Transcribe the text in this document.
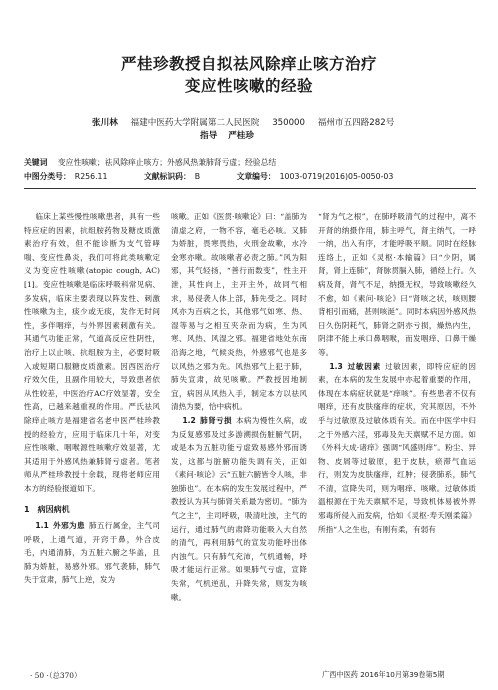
严桂珍教授自拟祛风除痒止咳方治疗
变应性咳嗽的经验
张川林 福建中医药大学附属第二人民医院 350000 福州市五四路282号
指导 严桂珍
关键词 变应性咳嗽；祛风除痒止咳方；外感风热兼肺肾亏虚；经验总结
中图分类号： R256.11	文献标识码： B	文章编号： 1003-0719(2016)05-0050-03

临床上某些慢性咳嗽患者，具有一些特应症的因素，抗组胺药物及糖皮质激素治疗有效，但不能诊断为支气管哮喘、变应性鼻炎，我们可将此类咳嗽定义为变应性咳嗽(atopic cough, AC)[1]。变应性咳嗽是临床呼吸科常见病、多发病，临床主要表现以阵发性、刺激性咳嗽为主，痰少或无痰，发作无时间性，多伴咽痒，与外界因素刺激有关。其通气功能正常，气道高反应性阴性，治疗上以止咳、抗组胺为主，必要时吸入或短期口服糖皮质激素。因西医治疗疗效欠佳，且副作用较大，导致患者依从性较差，中医治疗AC疗效显著，安全性高，已越来越重视的作用。严氏祛风除痒止咳方是福建省名老中医严桂珍教授的经验方，应用于临床几十年，对变应性咳嗽、咽喉源性咳嗽疗效显著，尤其适用于外感风热兼肺肾亏虚者。笔者师从严桂珍教授十余载，现将老师应用本方的经验报道如下。

1　病因病机

1.1 外邪为患 肺五行属金，主气司呼吸，上通气道，开窍于鼻，外合皮毛，内通清肺，为五脏六腑之华盖，且肺为娇脏，易感外邪。邪气袭肺，肺气失于宣肃，肺气上逆，发为

咳嗽。正如《医贯·咳嗽论》曰：“盖肺为清虚之府，一物不容，毫毛必咳。又肺为娇脏，畏寒畏热，火刑金故嗽，水冷金寒亦嗽。故咳嗽者必责之肺。”风为阳邪，其气轻扬，“善行而数变”，性主开泄，其性向上，主开主外，故同气相求，易侵袭人体上部，肺先受之。同时风亦为百病之长，其他邪气如寒、热、湿等易与之相互夹杂而为病，生为风寒、风热、风湿之邪。福建省地处东南沿海之地，气候炎热，外感邪气也是多以风热之邪为先。风热邪气上犯于肺，肺失宣肃，故见咳嗽。严教授因地制宜，病因从风热入手，制定本方以祛风清热为要，恰中病机。

1.2 肺肾亏损 本病为慢性久病，或为反复感邪及过多游溯损伤脏腑气阴，或是本为五脏功能亏虚致易感外邪而诱发，这都与脏腑功能失调有关，正如《素问·咳论》云“五脏六腑皆令人咳，非独肺也”。在本病的发生发展过程中，严教授认为其与肺肾关系最为密切。“肺为气之主”，主司呼吸，吸清吐浊，主气的运行，通过肺气的肃降功能吸入大自然的清气，再利用肺气的宣发功能呼出体内浊气。只有肺气充沛，气机通畅，呼吸才能运行正常。如果肺气亏虚，宣降失常，气机逆乱，升降失常，则发为咳嗽。

“肾为气之根”，在肺呼吸清气的过程中，离不开肾的纳摄作用，肺主呼气，肾主纳气，一呼一纳，出入有序，才能呼吸平顺。同时在经脉连络上，正如《灵枢·本输篇》曰“少阴，属肾，肾上连肺”，肾脉贯膈入肺，循经上行。久病及肾，肾气不足，纳摄无权，导致咳嗽经久不愈，如《素问·咳论》曰“肾咳之状，咳则腰背相引而痛，甚则咳涎”。同时本病因外感风热日久伤阴耗气，肺肾之阴亦亏损，燥热内生，阴津不能上承口鼻咽喉，而发咽痒、口鼻干燥等。

1.3 过敏因素 过敏因素，即特应症的因素，在本病的发生发展中亦起着重要的作用，体现在本病症状就是“痒咳”。有些患者不仅有咽痒，还有皮肤瘙痒的症状，究其原因，不外乎与过敏原及过敏体质有关。而在中医学中归之于外感六淫，邪毒及先天禀赋不足方面。如《外科大成·诸痒》强调“风盛则痒”。粉尘、异物、皮屑等过敏原，犯于皮肤，瘀滞气血运行，则发为皮肤瘙痒，红肿；侵袭肺系，肺气不清，宣降失司，则为咽痒、咳嗽。过敏体质温根源在于先天禀赋不足，导致机体易被外界邪毒所侵入而发病，恰如《灵枢·寿夭刚柔篇》所指“人之生也，有刚有柔，有弱有

· 50 ·（总370）	广西中医药 2016年10月第39卷第5期
